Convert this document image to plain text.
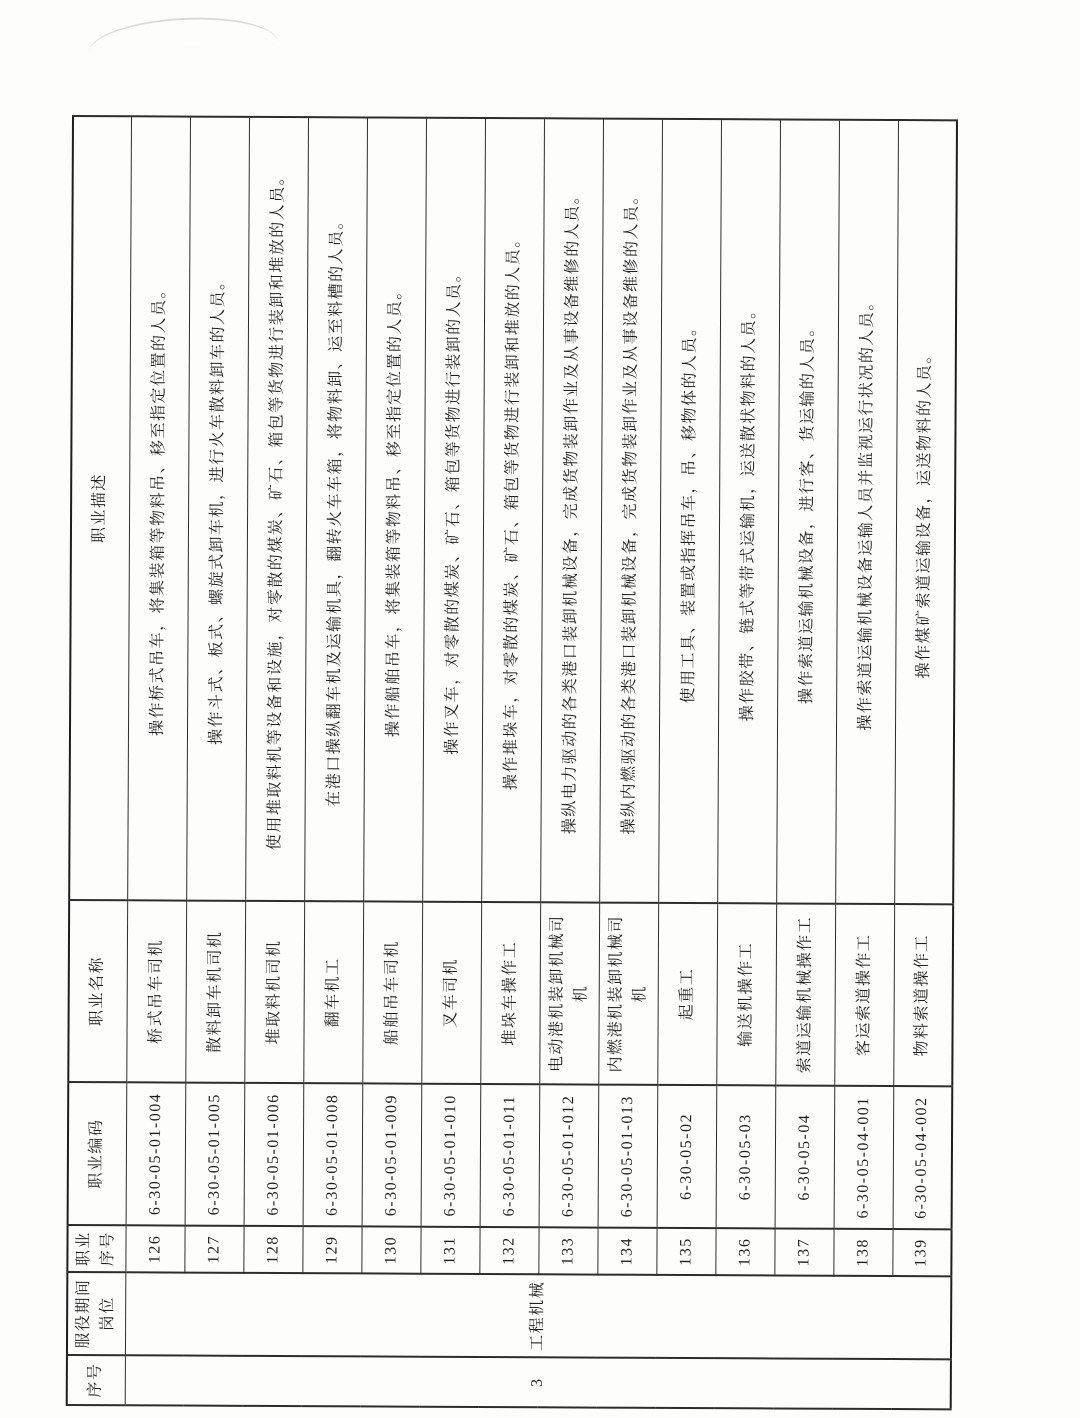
序号	服役期间岗位	职业序号	职业编码	职业名称	职业描述
3	工程机械	126	6-30-05-01-004	桥式吊车司机	操作桥式吊车，将集装箱等物料吊、移至指定位置的人员。
		127	6-30-05-01-005	散料卸车机司机	操作斗式、板式、螺旋式卸车机，进行火车散料卸车的人员。
		128	6-30-05-01-006	堆取料机司机	使用堆取料机等设备和设施，对零散的煤炭、矿石、箱包等货物进行装卸和堆放的人员。
		129	6-30-05-01-008	翻车机工	在港口操纵翻车机及运输机具，翻转火车车箱，将物料卸、运至料槽的人员。
		130	6-30-05-01-009	船舶吊车司机	操作船舶吊车，将集装箱等物料吊、移至指定位置的人员。
		131	6-30-05-01-010	叉车司机	操作叉车，对零散的煤炭、矿石、箱包等货物进行装卸的人员。
		132	6-30-05-01-011	堆垛车操作工	操作堆垛车，对零散的煤炭、矿石、箱包等货物进行装卸和堆放的人员。
		133	6-30-05-01-012	电动港机装卸机械司机	操纵电力驱动的各类港口装卸机械设备，完成货物装卸作业及从事设备维修的人员。
		134	6-30-05-01-013	内燃港机装卸机械司机	操纵内燃驱动的各类港口装卸机械设备，完成货物装卸作业及从事设备维修的人员。
		135	6-30-05-02	起重工	使用工具、装置或指挥吊车，吊、移物体的人员。
		136	6-30-05-03	输送机操作工	操作胶带、链式等带式运输机，运送散状物料的人员。
		137	6-30-05-04	索道运输机械操作工	操作索道运输机械设备，进行客、货运输的人员。
		138	6-30-05-04-001	客运索道操作工	操作索道运输机械设备运输人员并监视运行状况的人员。
		139	6-30-05-04-002	物料索道操作工	操作煤矿索道运输设备，运送物料的人员。
